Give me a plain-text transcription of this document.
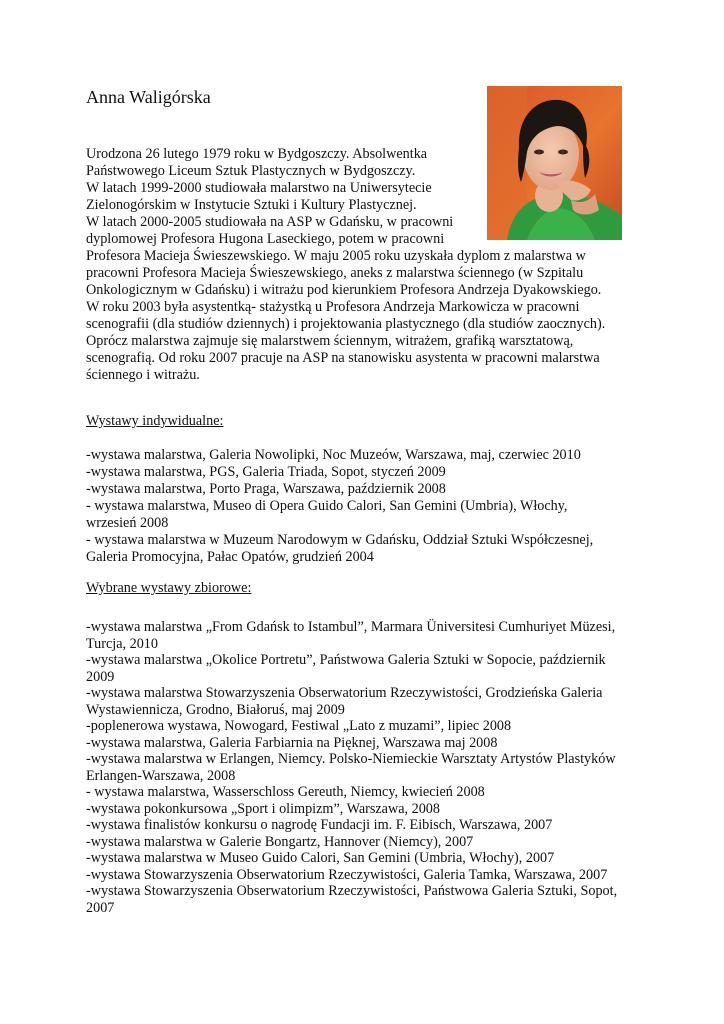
Anna Waligórska
Urodzona 26 lutego 1979 roku w Bydgoszczy. Absolwentka
Państwowego Liceum Sztuk Plastycznych w Bydgoszczy.
W latach 1999-2000 studiowała malarstwo na Uniwersytecie
Zielonogórskim w Instytucie Sztuki i Kultury Plastycznej.
W latach 2000-2005 studiowała na ASP w Gdańsku, w pracowni
dyplomowej Profesora Hugona Laseckiego, potem w pracowni
Profesora Macieja Świeszewskiego. W maju 2005 roku uzyskała dyplom z malarstwa w
pracowni Profesora Macieja Świeszewskiego, aneks z malarstwa ściennego (w Szpitalu
Onkologicznym w Gdańsku) i witrażu pod kierunkiem Profesora Andrzeja Dyakowskiego.
W roku 2003 była asystentką- stażystką u Profesora Andrzeja Markowicza w pracowni
scenografii (dla studiów dziennych) i projektowania plastycznego (dla studiów zaocznych).
Oprócz malarstwa zajmuje się malarstwem ściennym, witrażem, grafiką warsztatową,
scenografią. Od roku 2007 pracuje na ASP na stanowisku asystenta w pracowni malarstwa
ściennego i witrażu.
Wystawy indywidualne:
-wystawa malarstwa, Galeria Nowolipki, Noc Muzeów, Warszawa, maj, czerwiec 2010
-wystawa malarstwa, PGS, Galeria Triada, Sopot, styczeń 2009
-wystawa malarstwa, Porto Praga, Warszawa, październik 2008
- wystawa malarstwa, Museo di Opera Guido Calori, San Gemini (Umbria), Włochy,
wrzesień 2008
- wystawa malarstwa w Muzeum Narodowym w Gdańsku, Oddział Sztuki Współczesnej,
Galeria Promocyjna, Pałac Opatów, grudzień 2004
Wybrane wystawy zbiorowe:
-wystawa malarstwa „From Gdańsk to Istambul”, Marmara Üniversitesi Cumhuriyet Müzesi,
Turcja, 2010
-wystawa malarstwa „Okolice Portretu”, Państwowa Galeria Sztuki w Sopocie, październik
2009
-wystawa malarstwa Stowarzyszenia Obserwatorium Rzeczywistości, Grodzieńska Galeria
Wystawiennicza, Grodno, Białoruś, maj 2009
-poplenerowa wystawa, Nowogard, Festiwal „Lato z muzami”, lipiec 2008
-wystawa malarstwa, Galeria Farbiarnia na Pięknej, Warszawa maj 2008
-wystawa malarstwa w Erlangen, Niemcy. Polsko-Niemieckie Warsztaty Artystów Plastyków
Erlangen-Warszawa, 2008
- wystawa malarstwa, Wasserschloss Gereuth, Niemcy, kwiecień 2008
-wystawa pokonkursowa „Sport i olimpizm”, Warszawa, 2008
-wystawa finalistów konkursu o nagrodę Fundacji im. F. Eibisch, Warszawa, 2007
-wystawa malarstwa w Galerie Bongartz, Hannover (Niemcy), 2007
-wystawa malarstwa w Museo Guido Calori, San Gemini (Umbria, Włochy), 2007
-wystawa Stowarzyszenia Obserwatorium Rzeczywistości, Galeria Tamka, Warszawa, 2007
-wystawa Stowarzyszenia Obserwatorium Rzeczywistości, Państwowa Galeria Sztuki, Sopot,
2007
